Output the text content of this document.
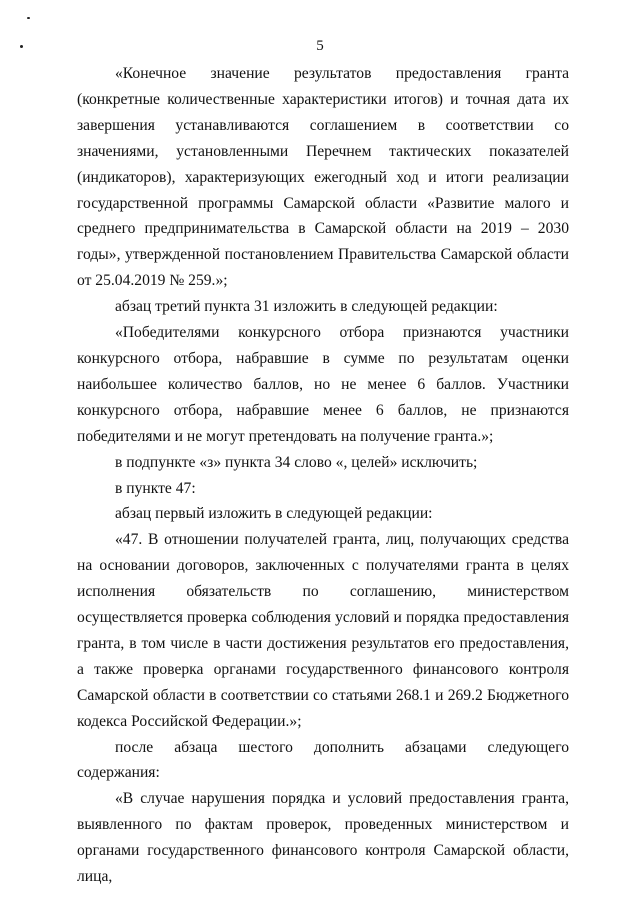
5

«Конечное значение результатов предоставления гранта (конкретные количественные характеристики итогов) и точная дата их завершения устанавливаются соглашением в соответствии со значениями, установленными Перечнем тактических показателей (индикаторов), характеризующих ежегодный ход и итоги реализации государственной программы Самарской области «Развитие малого и среднего предпринимательства в Самарской области на 2019 – 2030 годы», утвержденной постановлением Правительства Самарской области от 25.04.2019 № 259.»;

абзац третий пункта 31 изложить в следующей редакции:

«Победителями конкурсного отбора признаются участники конкурсного отбора, набравшие в сумме по результатам оценки наибольшее количество баллов, но не менее 6 баллов. Участники конкурсного отбора, набравшие менее 6 баллов, не признаются победителями и не могут претендовать на получение гранта.»;

в подпункте «з» пункта 34 слово «, целей» исключить;

в пункте 47:

абзац первый изложить в следующей редакции:

«47. В отношении получателей гранта, лиц, получающих средства на основании договоров, заключенных с получателями гранта в целях исполнения обязательств по соглашению, министерством осуществляется проверка соблюдения условий и порядка предоставления гранта, в том числе в части достижения результатов его предоставления, а также проверка органами государственного финансового контроля Самарской области в соответствии со статьями 268.1 и 269.2 Бюджетного кодекса Российской Федерации.»;

после абзаца шестого дополнить абзацами следующего содержания:

«В случае нарушения порядка и условий предоставления гранта, выявленного по фактам проверок, проведенных министерством и органами государственного финансового контроля Самарской области, лица,
